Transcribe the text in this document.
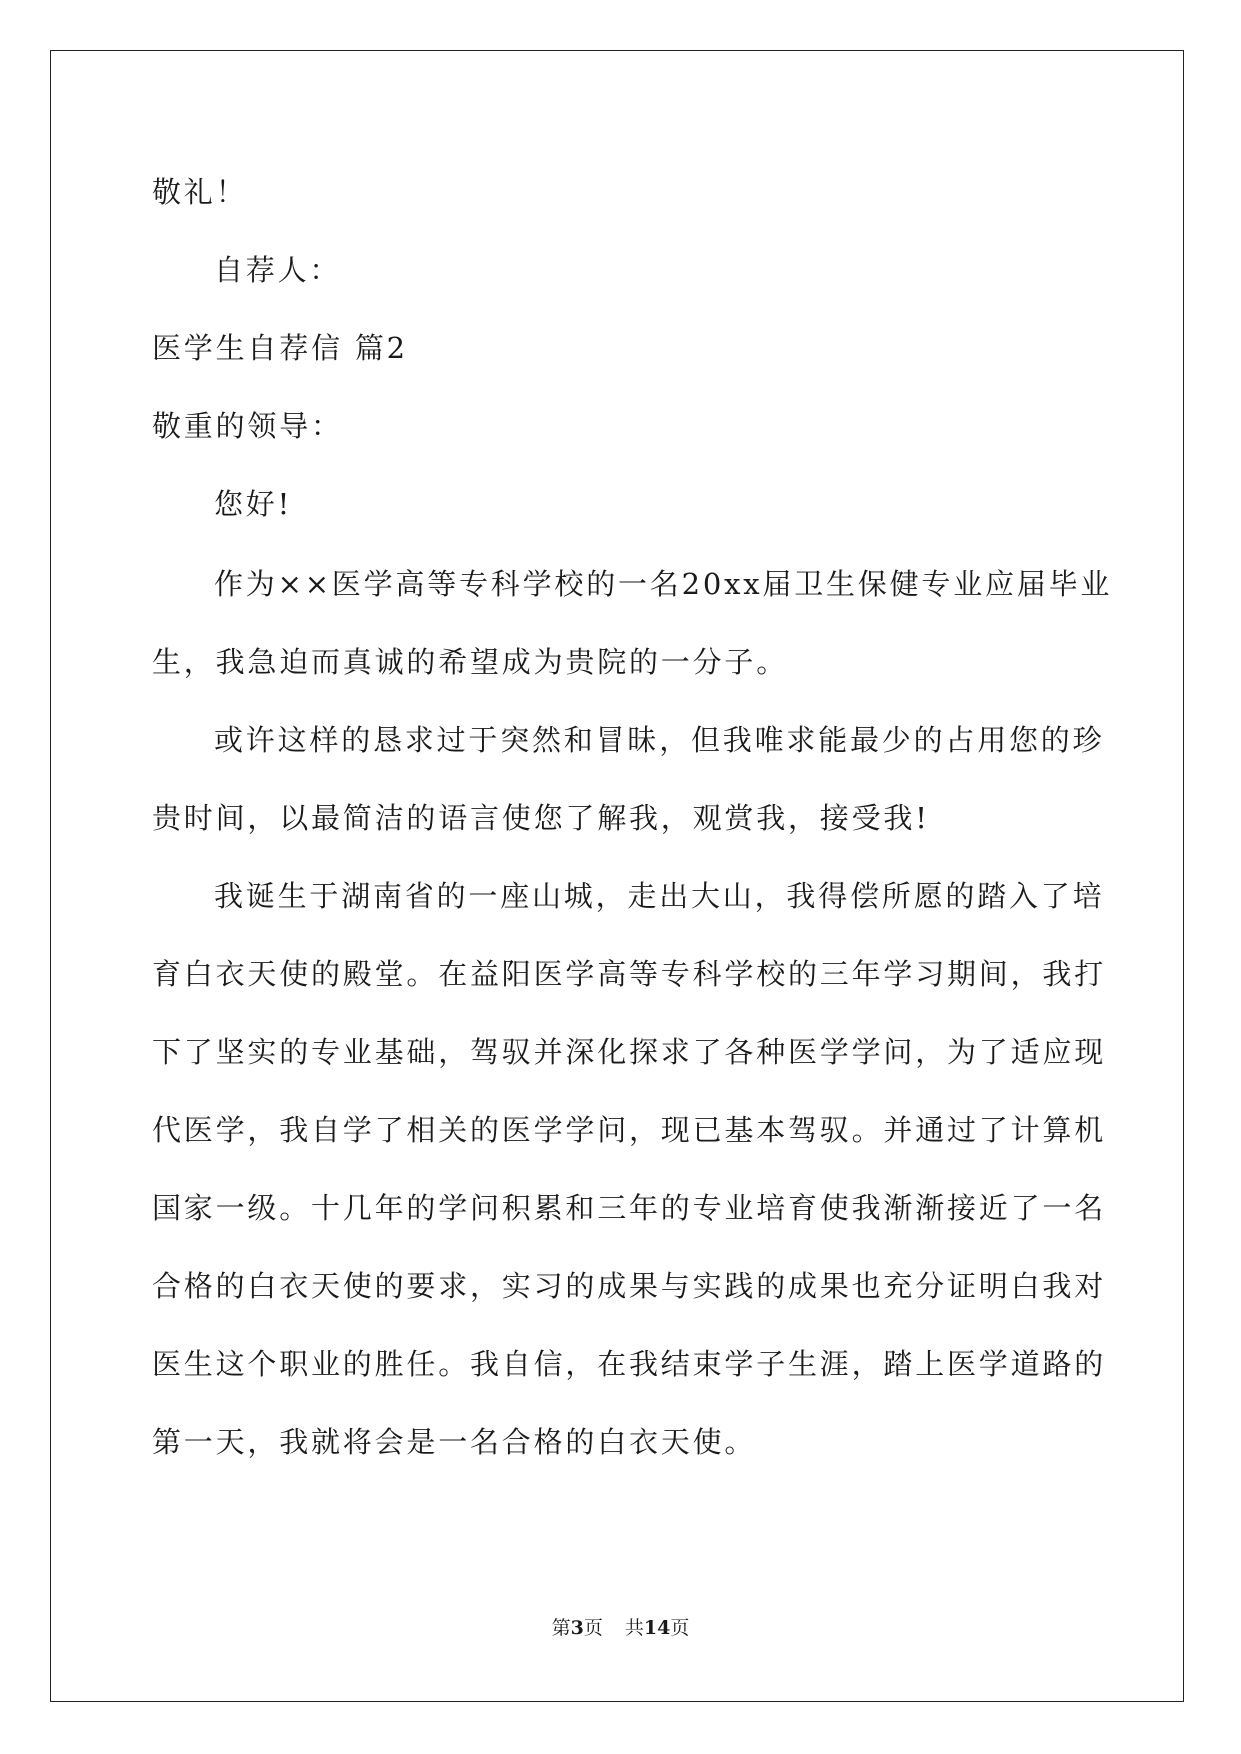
敬礼！
自荐人：
医学生自荐信 篇2
敬重的领导：
您好!
作为××医学高等专科学校的一名20xx届卫生保健专业应届毕业
生，我急迫而真诚的希望成为贵院的一分子。
或许这样的恳求过于突然和冒昧，但我唯求能最少的占用您的珍
贵时间，以最简洁的语言使您了解我，观赏我，接受我!
我诞生于湖南省的一座山城，走出大山，我得偿所愿的踏入了培
育白衣天使的殿堂。在益阳医学高等专科学校的三年学习期间，我打
下了坚实的专业基础，驾驭并深化探求了各种医学学问，为了适应现
代医学，我自学了相关的医学学问，现已基本驾驭。并通过了计算机
国家一级。十几年的学问积累和三年的专业培育使我渐渐接近了一名
合格的白衣天使的要求，实习的成果与实践的成果也充分证明白我对
医生这个职业的胜任。我自信，在我结束学子生涯，踏上医学道路的
第一天，我就将会是一名合格的白衣天使。
第3页 共14页
